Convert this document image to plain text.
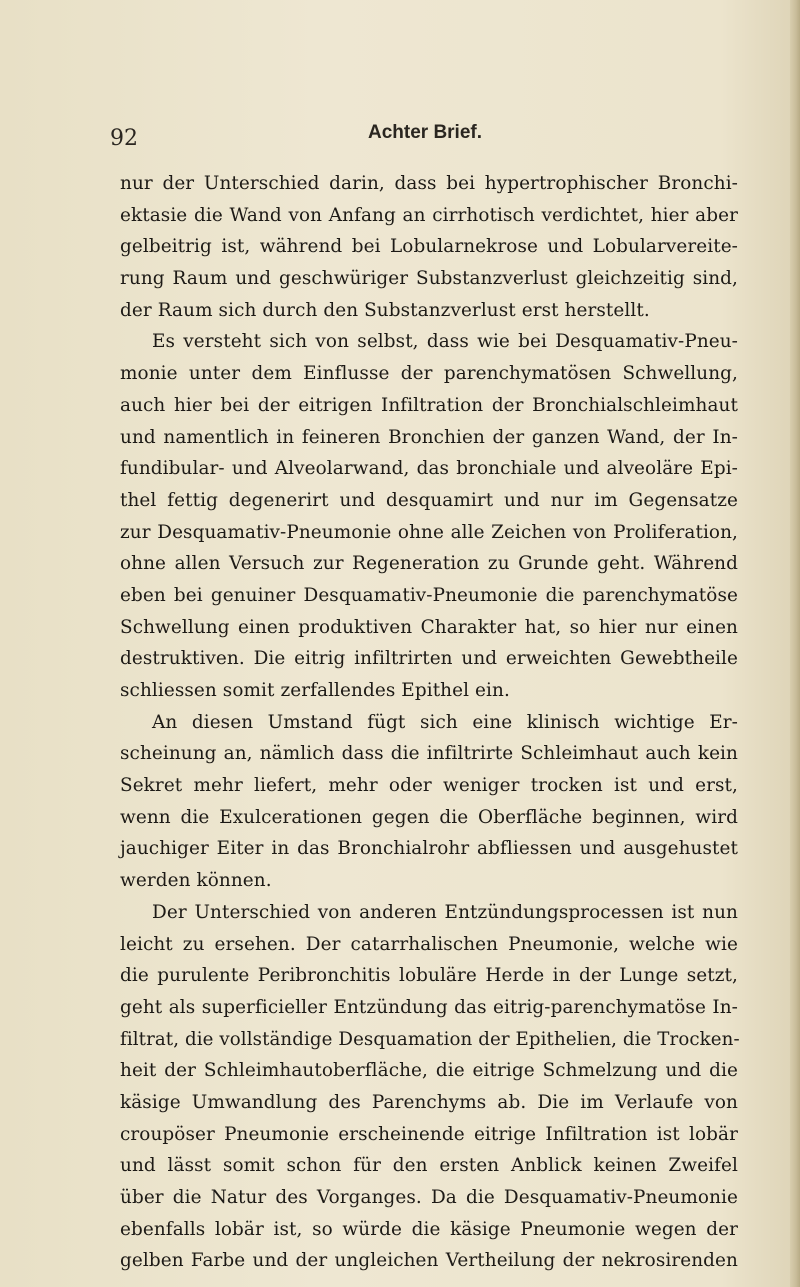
92	Achter Brief.
nur der Unterschied darin, dass bei hypertrophischer Bronchi-
ektasie die Wand von Anfang an cirrhotisch verdichtet, hier aber
gelbeitrig ist, während bei Lobularnekrose und Lobularvereite-
rung Raum und geschwüriger Substanzverlust gleichzeitig sind,
der Raum sich durch den Substanzverlust erst herstellt.
Es versteht sich von selbst, dass wie bei Desquamativ-Pneu-
monie unter dem Einflusse der parenchymatösen Schwellung,
auch hier bei der eitrigen Infiltration der Bronchialschleimhaut
und namentlich in feineren Bronchien der ganzen Wand, der In-
fundibular- und Alveolarwand, das bronchiale und alveoläre Epi-
thel fettig degenerirt und desquamirt und nur im Gegensatze
zur Desquamativ-Pneumonie ohne alle Zeichen von Proliferation,
ohne allen Versuch zur Regeneration zu Grunde geht. Während
eben bei genuiner Desquamativ-Pneumonie die parenchymatöse
Schwellung einen produktiven Charakter hat, so hier nur einen
destruktiven. Die eitrig infiltrirten und erweichten Gewebtheile
schliessen somit zerfallendes Epithel ein.
An diesen Umstand fügt sich eine klinisch wichtige Er-
scheinung an, nämlich dass die infiltrirte Schleimhaut auch kein
Sekret mehr liefert, mehr oder weniger trocken ist und erst,
wenn die Exulcerationen gegen die Oberfläche beginnen, wird
jauchiger Eiter in das Bronchialrohr abfliessen und ausgehustet
werden können.
Der Unterschied von anderen Entzündungsprocessen ist nun
leicht zu ersehen. Der catarrhalischen Pneumonie, welche wie
die purulente Peribronchitis lobuläre Herde in der Lunge setzt,
geht als superficieller Entzündung das eitrig-parenchymatöse In-
filtrat, die vollständige Desquamation der Epithelien, die Trocken-
heit der Schleimhautoberfläche, die eitrige Schmelzung und die
käsige Umwandlung des Parenchyms ab. Die im Verlaufe von
croupöser Pneumonie erscheinende eitrige Infiltration ist lobär
und lässt somit schon für den ersten Anblick keinen Zweifel
über die Natur des Vorganges. Da die Desquamativ-Pneumonie
ebenfalls lobär ist, so würde die käsige Pneumonie wegen der
gelben Farbe und der ungleichen Vertheilung der nekrosirenden
